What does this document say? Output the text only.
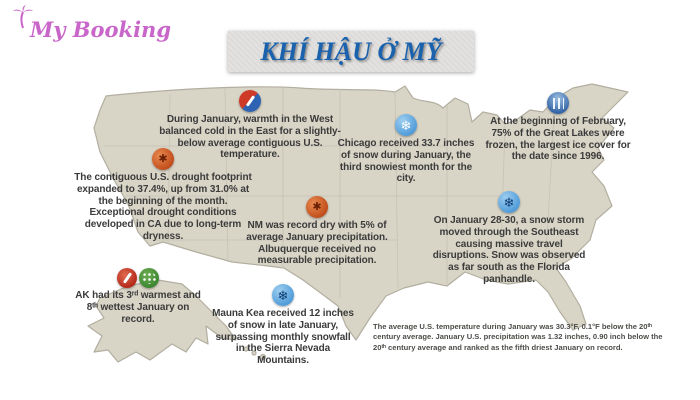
My Booking
KHÍ HẬU Ở MỸ
During January, warmth in the West balanced cold in the East for a slightly-below average contiguous U.S. temperature.
✱
The contiguous U.S. drought footprint expanded to 37.4%, up from 31.0% at the beginning of the month. Exceptional drought conditions developed in CA due to long-term dryness.
❄
Chicago received 33.7 inches of snow during January, the third snowiest month for the city.
At the beginning of February, 75% of the Great Lakes were frozen, the largest ice cover for the date since 1996.
✱
NM was record dry with 5% of average January precipitation. Albuquerque received no measurable precipitation.
❄
On January 28-30, a snow storm moved through the Southeast causing massive travel disruptions. Snow was observed as far south as the Florida panhandle.
AK had its 3ʳᵈ warmest and 8ᵗʰ wettest January on record.
❄
Mauna Kea received 12 inches of snow in late January, surpassing monthly snowfall in the Sierra Nevada Mountains.
The average U.S. temperature during January was 30.3°F, 0.1°F below the 20ᵗʰ century average. January U.S. precipitation was 1.32 inches, 0.90 inch below the 20ᵗʰ century average and ranked as the fifth driest January on record.
